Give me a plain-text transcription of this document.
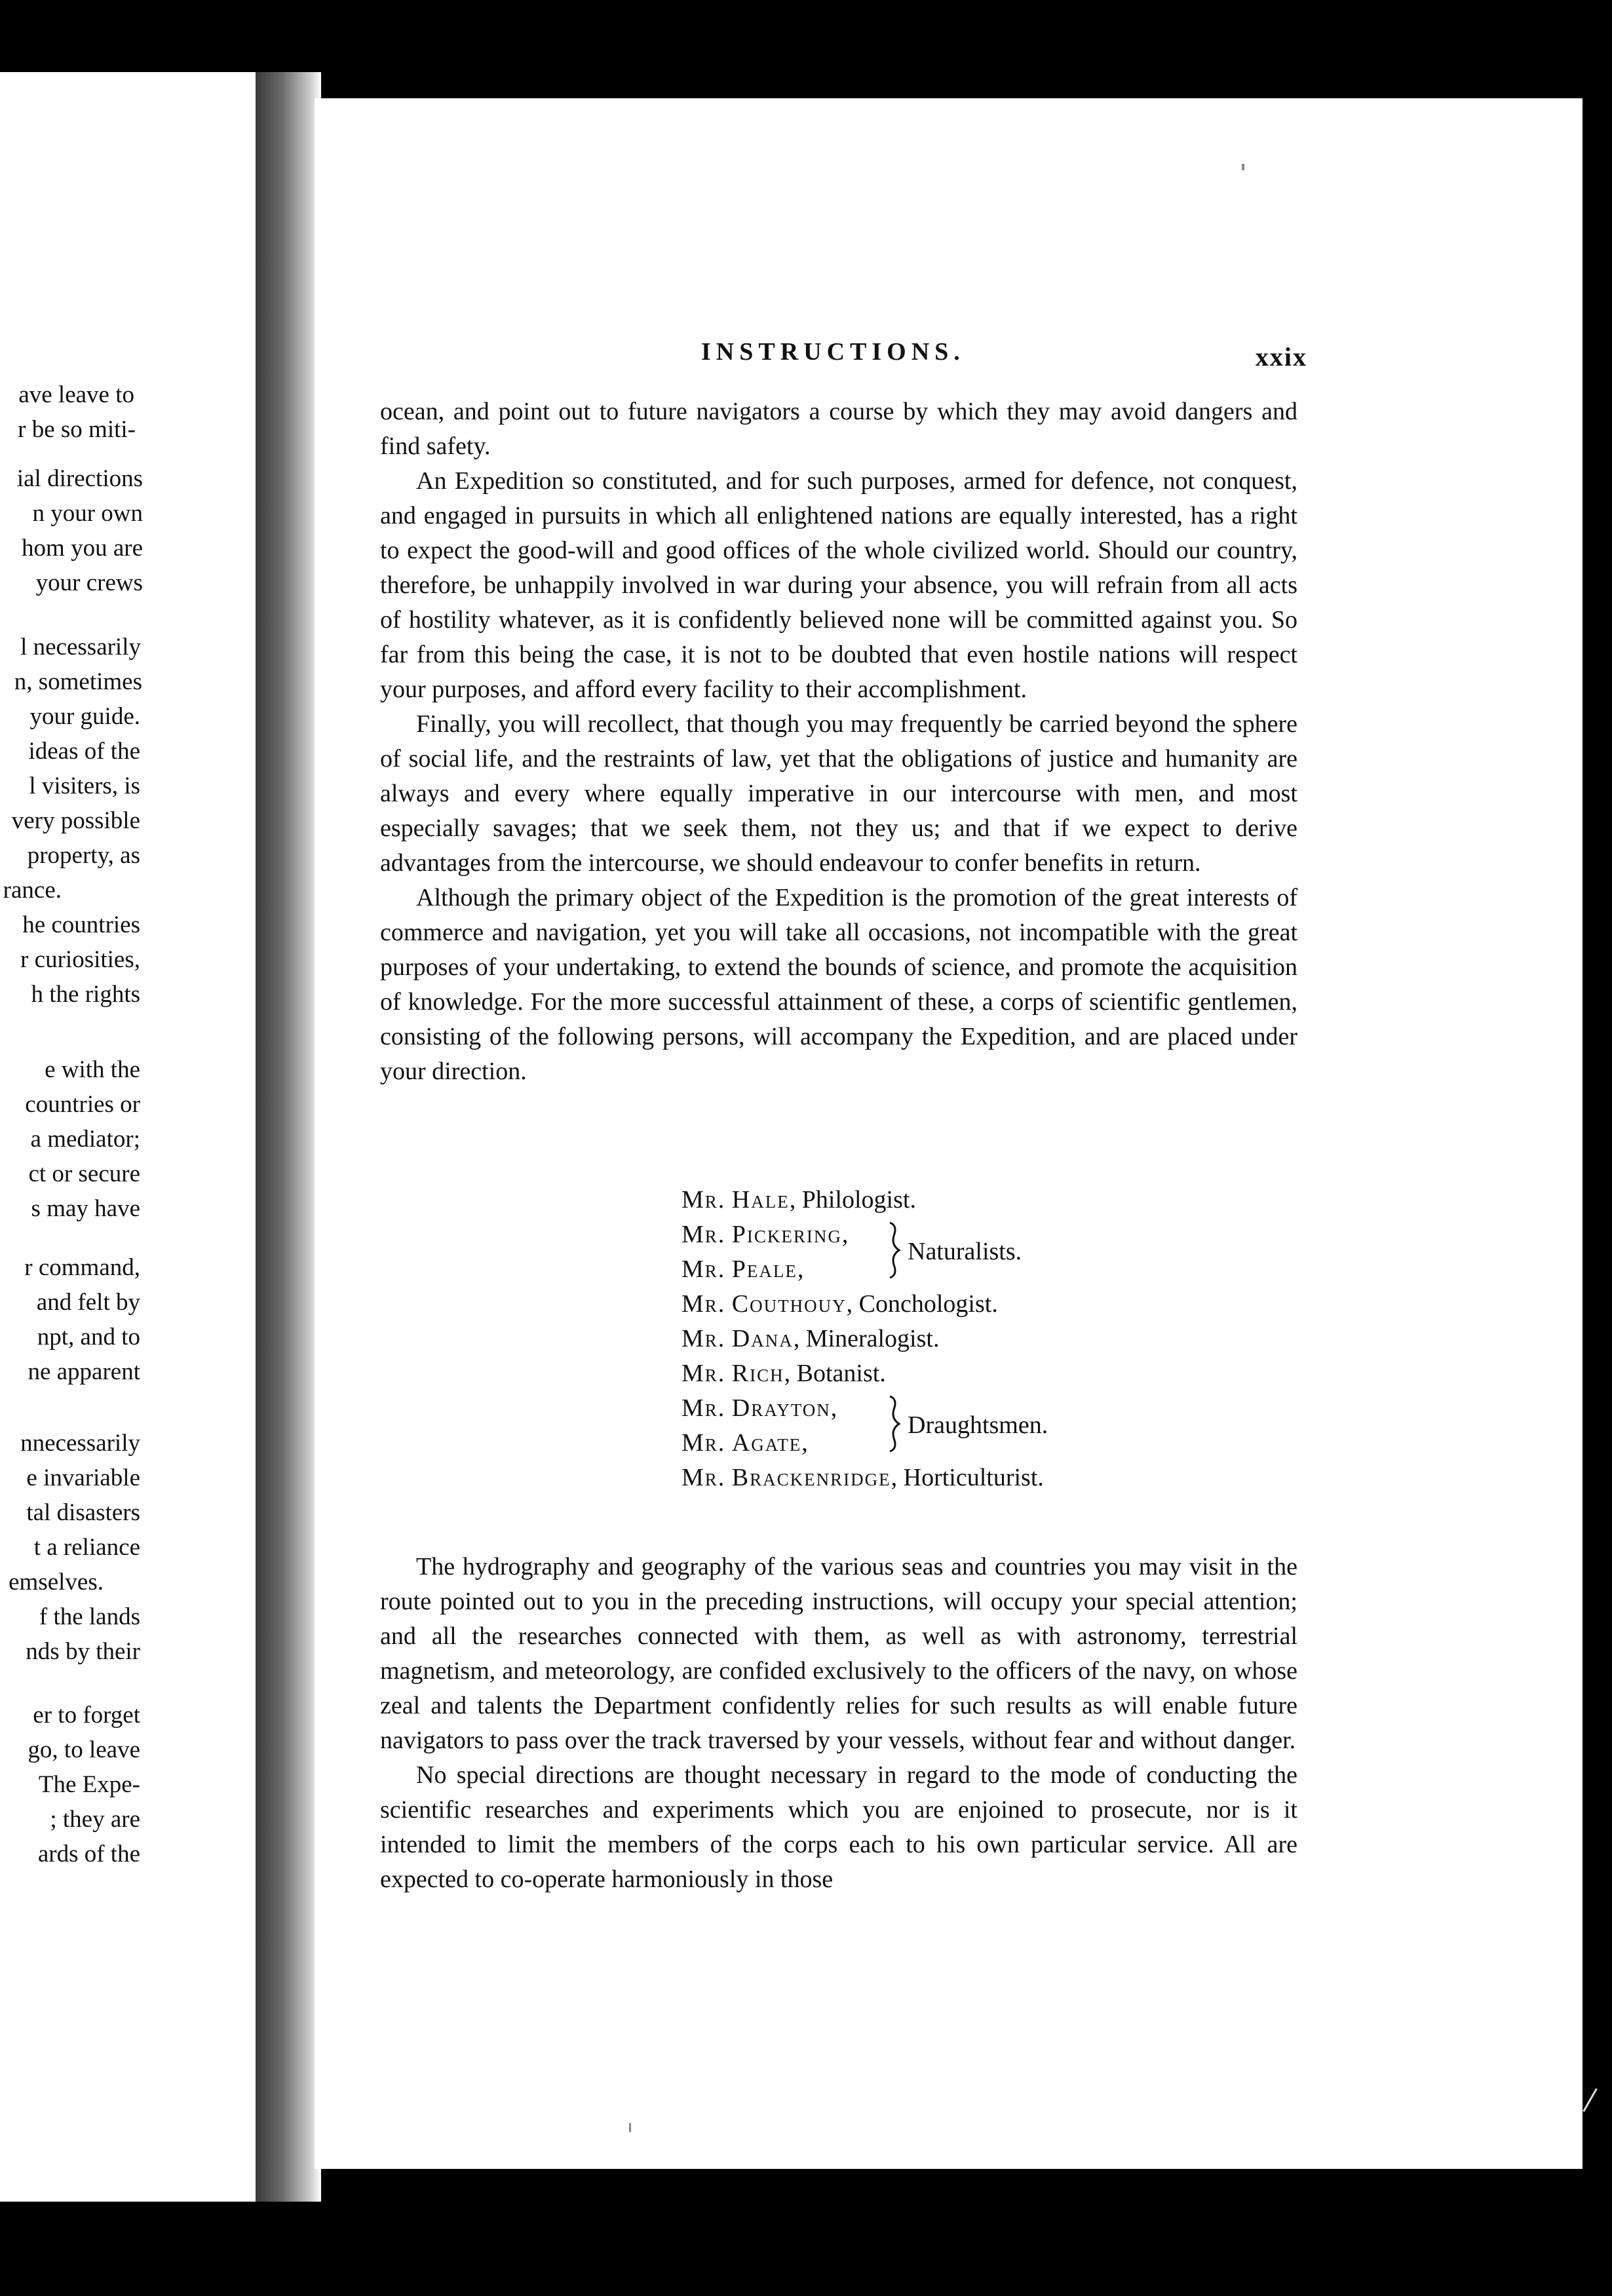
ave leave to
r be so miti-
ial directions
n your own
hom you are
your crews
l necessarily
n, sometimes
your guide.
ideas of the
l visiters, is
very possible
property, as
rance.
he countries
r curiosities,
h the rights
e with the
countries or
a mediator;
ct or secure
s may have
r command,
and felt by
npt, and to
ne apparent
nnecessarily
e invariable
tal disasters
t a reliance
emselves.
f the lands
nds by their
er to forget
go, to leave
The Expe-
; they are
ards of the
INSTRUCTIONS.	xxix

ocean, and point out to future navigators a course by which they may avoid dangers and find safety.

An Expedition so constituted, and for such purposes, armed for defence, not conquest, and engaged in pursuits in which all enlightened nations are equally interested, has a right to expect the good-will and good offices of the whole civilized world. Should our country, therefore, be unhappily involved in war during your absence, you will refrain from all acts of hostility whatever, as it is confidently believed none will be committed against you. So far from this being the case, it is not to be doubted that even hostile nations will respect your purposes, and afford every facility to their accomplishment.

Finally, you will recollect, that though you may frequently be carried beyond the sphere of social life, and the restraints of law, yet that the obligations of justice and humanity are always and every where equally imperative in our intercourse with men, and most especially savages; that we seek them, not they us; and that if we expect to derive advantages from the intercourse, we should endeavour to confer benefits in return.

Although the primary object of the Expedition is the promotion of the great interests of commerce and navigation, yet you will take all occasions, not incompatible with the great purposes of your undertaking, to extend the bounds of science, and promote the acquisition of knowledge. For the more successful attainment of these, a corps of scientific gentlemen, consisting of the following persons, will accompany the Expedition, and are placed under your direction.

Mr. Hale, Philologist.
Mr. Pickering,
Mr. Peale,
Naturalists.
Mr. Couthouy, Conchologist.
Mr. Dana, Mineralogist.
Mr. Rich, Botanist.
Mr. Drayton,
Mr. Agate,
Draughtsmen.
Mr. Brackenridge, Horticulturist.

The hydrography and geography of the various seas and countries you may visit in the route pointed out to you in the preceding instructions, will occupy your special attention; and all the researches connected with them, as well as with astronomy, terrestrial magnetism, and meteorology, are confided exclusively to the officers of the navy, on whose zeal and talents the Department confidently relies for such results as will enable future navigators to pass over the track traversed by your vessels, without fear and without danger.

No special directions are thought necessary in regard to the mode of conducting the scientific researches and experiments which you are enjoined to prosecute, nor is it intended to limit the members of the corps each to his own particular service. All are expected to co-operate harmoniously in those
